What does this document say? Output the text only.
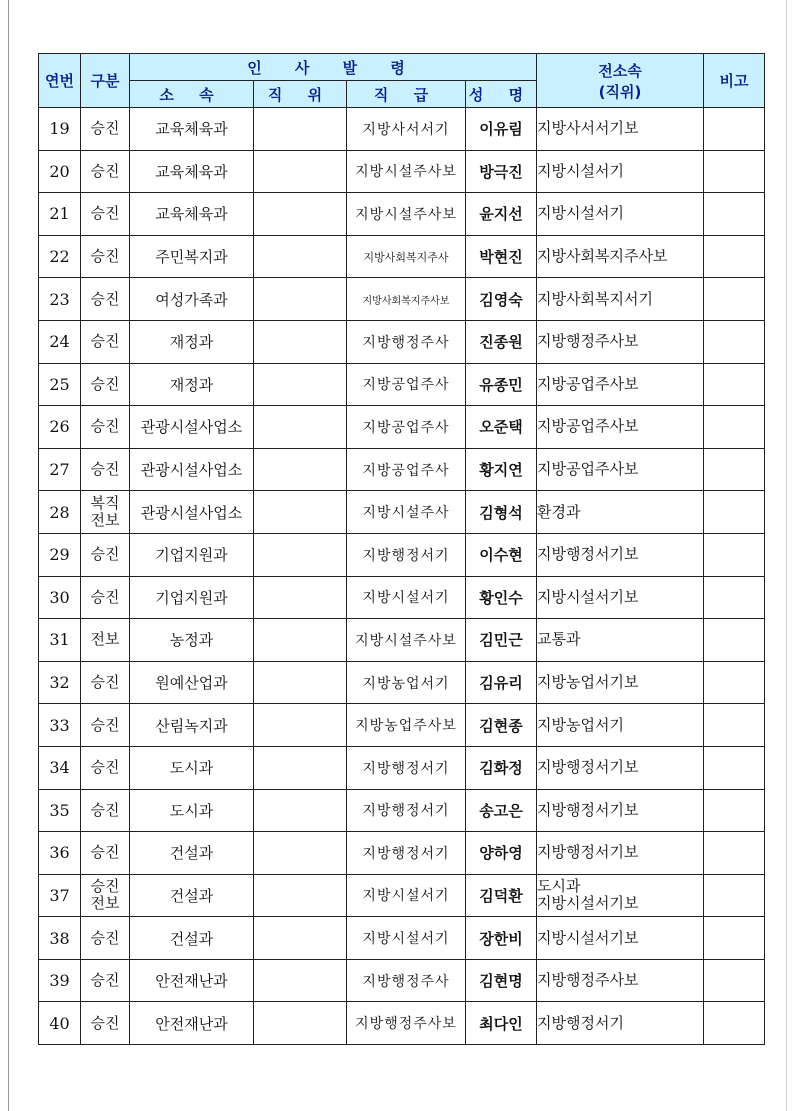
연번	구분	인 사 발 령				전소속
(직위)	비고
		소 속	직 위	직 급	성 명		
19	승진	교육체육과		지방사서서기	이유림	지방사서서기보	

20	승진	교육체육과		지방시설주사보	방극진	지방시설서기	

21	승진	교육체육과		지방시설주사보	윤지선	지방시설서기	

22	승진	주민복지과		지방사회복지주사	박현진	지방사회복지주사보	

23	승진	여성가족과		지방사회복지주사보	김영숙	지방사회복지서기	

24	승진	재정과		지방행정주사	진종원	지방행정주사보	

25	승진	재정과		지방공업주사	유종민	지방공업주사보	

26	승진	관광시설사업소		지방공업주사	오준택	지방공업주사보	

27	승진	관광시설사업소		지방공업주사	황지연	지방공업주사보	

28	복직
전보	관광시설사업소		지방시설주사	김형석	환경과	

29	승진	기업지원과		지방행정서기	이수현	지방행정서기보	

30	승진	기업지원과		지방시설서기	황인수	지방시설서기보	

31	전보	농정과		지방시설주사보	김민근	교통과	

32	승진	원예산업과		지방농업서기	김유리	지방농업서기보	

33	승진	산림녹지과		지방농업주사보	김현종	지방농업서기	

34	승진	도시과		지방행정서기	김화정	지방행정서기보	

35	승진	도시과		지방행정서기	송고은	지방행정서기보	

36	승진	건설과		지방행정서기	양하영	지방행정서기보	

37	승진
전보	건설과		지방시설서기	김덕환	도시과
지방시설서기보	

38	승진	건설과		지방시설서기	장한비	지방시설서기보	

39	승진	안전재난과		지방행정주사	김현명	지방행정주사보	

40	승진	안전재난과		지방행정주사보	최다인	지방행정서기	
